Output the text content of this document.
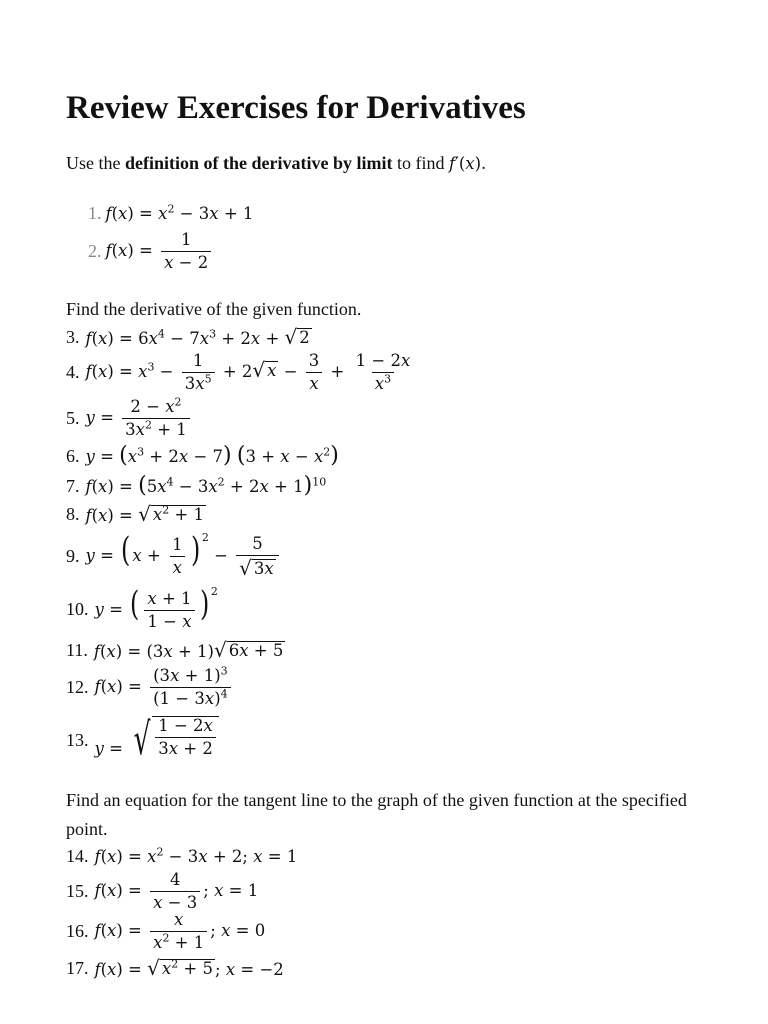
Review Exercises for Derivatives
Use the definition of the derivative by limit to find f′(x).
1. $f(x) = x^2 - 3x + 1$
2. $f(x) = \frac{1}{x - 2}$
Find the derivative of the given function.
3. $f(x) = 6x^4 - 7x^3 + 2x$ + √ 2
4. $f(x) = x^3 - \frac{1}{3x^5} + 2$ √ $x - \frac{3}{x} + \frac{1 - 2x}{x^3}$
5. $y = \frac{2 - x^2}{3x^2 + 1}$
6. $y = (x^3 + 2x - 7) (3 + x - x^2)$
7. $f(x) = (5x^4 - 3x^2 + 2x + 1)^{10}$
8. f(x) = √ $x^2 + 1$
9. y = ( $x + \frac{1}{x}$ ) $^2 - \frac{5}{√ 3x}$
10. y = ( $\frac{x + 1}{1 - x}$ ) $^2$
11. f(x) = (3x + 1) √ 6x + 5
12. $f(x) = \frac{(3x + 1)^3}{(1 - 3x)^4}$
13. y = √ $\frac{1 - 2x}{3x + 2}$
Find an equation for the tangent line to the graph of the given function at the specified point.
14. $f(x) = x^2 - 3x + 2$; x = 1
15. $f(x) = \frac{4}{x - 3}$ ; x = 1
16. $f(x) = \frac{x}{x^2 + 1}$ ; x = 0
17. f(x) = √ $x^2 + 5$ ; x = −2
